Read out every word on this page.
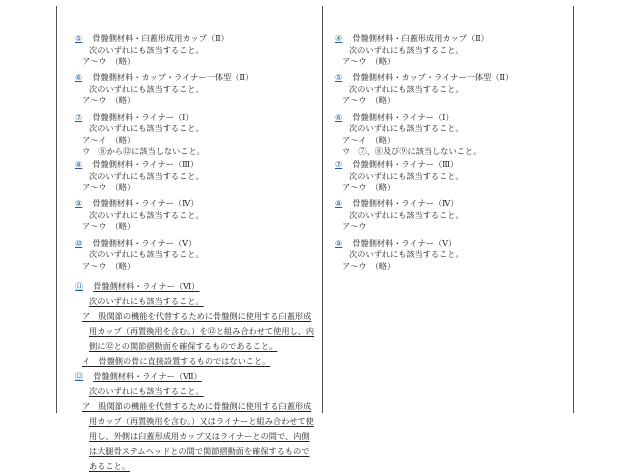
⑤ 骨盤側材料・臼蓋形成用カップ（Ⅱ）
次のいずれにも該当すること。
ア～ウ　（略）
⑥ 骨盤側材料・カップ・ライナー一体型（Ⅱ）
次のいずれにも該当すること。
ア～ウ　（略）
⑦ 骨盤側材料・ライナー（Ⅰ）
次のいずれにも該当すること。
ア～イ　（略）
ウ　⑧から⑫に該当しないこと。
⑧ 骨盤側材料・ライナー（Ⅲ）
次のいずれにも該当すること。
ア～ウ　（略）
⑨ 骨盤側材料・ライナー（Ⅳ）
次のいずれにも該当すること。
ア～ウ　（略）
⑩ 骨盤側材料・ライナー（Ⅴ）
次のいずれにも該当すること。
ア～ウ　（略）
⑪ 骨盤側材料・ライナー（Ⅵ）
次のいずれにも該当すること。
ア　股関節の機能を代替するために骨盤側に使用する臼蓋形成
用カップ（再置換用を含む。）を⑫と組み合わせて使用し、内
側に⑫との関節摺動面を確保するものであること。
イ　骨盤側の骨に直接設置するものではないこと。
⑫ 骨盤側材料・ライナー（Ⅶ）
次のいずれにも該当すること。
ア　股関節の機能を代替するために骨盤側に使用する臼蓋形成
用カップ（再置換用を含む。）又はライナーと組み合わせて使
用し、外側は臼蓋形成用カップ又はライナーとの間で、内側
は大腿骨ステムヘッドとの間で関節摺動面を確保するもので
あること。
④ 骨盤側材料・臼蓋形成用カップ（Ⅱ）
次のいずれにも該当すること。
ア～ウ　（略）
⑤ 骨盤側材料・カップ・ライナー一体型（Ⅱ）
次のいずれにも該当すること。
ア～ウ　（略）
⑥ 骨盤側材料・ライナー（Ⅰ）
次のいずれにも該当すること。
ア～イ　（略）
ウ　⑦、⑧及び⑨に該当しないこと。
⑦ 骨盤側材料・ライナー（Ⅲ）
次のいずれにも該当すること。
ア～ウ　（略）
⑧ 骨盤側材料・ライナー（Ⅳ）
次のいずれにも該当すること。
ア～ウ
⑨ 骨盤側材料・ライナー（Ⅴ）
次のいずれにも該当すること。
ア～ウ　（略）
